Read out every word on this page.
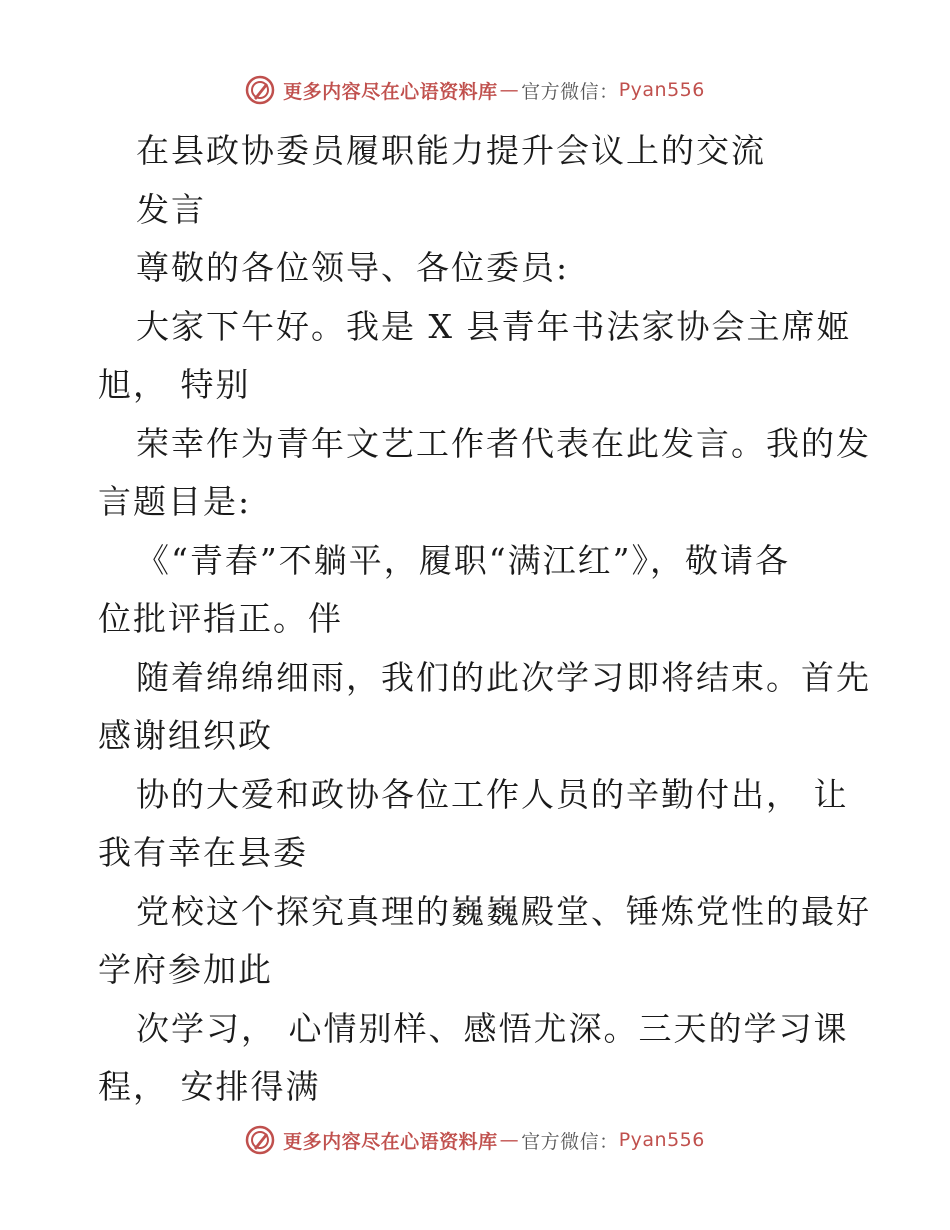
更多内容尽在心语资料库 — 官方微信： Pyan556
在县政协委员履职能力提升会议上的交流
发言
尊敬的各位领导、各位委员:
大家下午好。我是 X 县青年书法家协会主席姬
旭， 特别
荣幸作为青年文艺工作者代表在此发言。我的发
言题目是:
《“青春”不躺平，履职“满江红”》，敬请各
位批评指正。伴
随着绵绵细雨，我们的此次学习即将结束。首先
感谢组织政
协的大爱和政协各位工作人员的辛勤付出， 让
我有幸在县委
党校这个探究真理的巍巍殿堂、锤炼党性的最好
学府参加此
次学习， 心情别样、感悟尤深。三天的学习课
程， 安排得满
更多内容尽在心语资料库 — 官方微信： Pyan556
